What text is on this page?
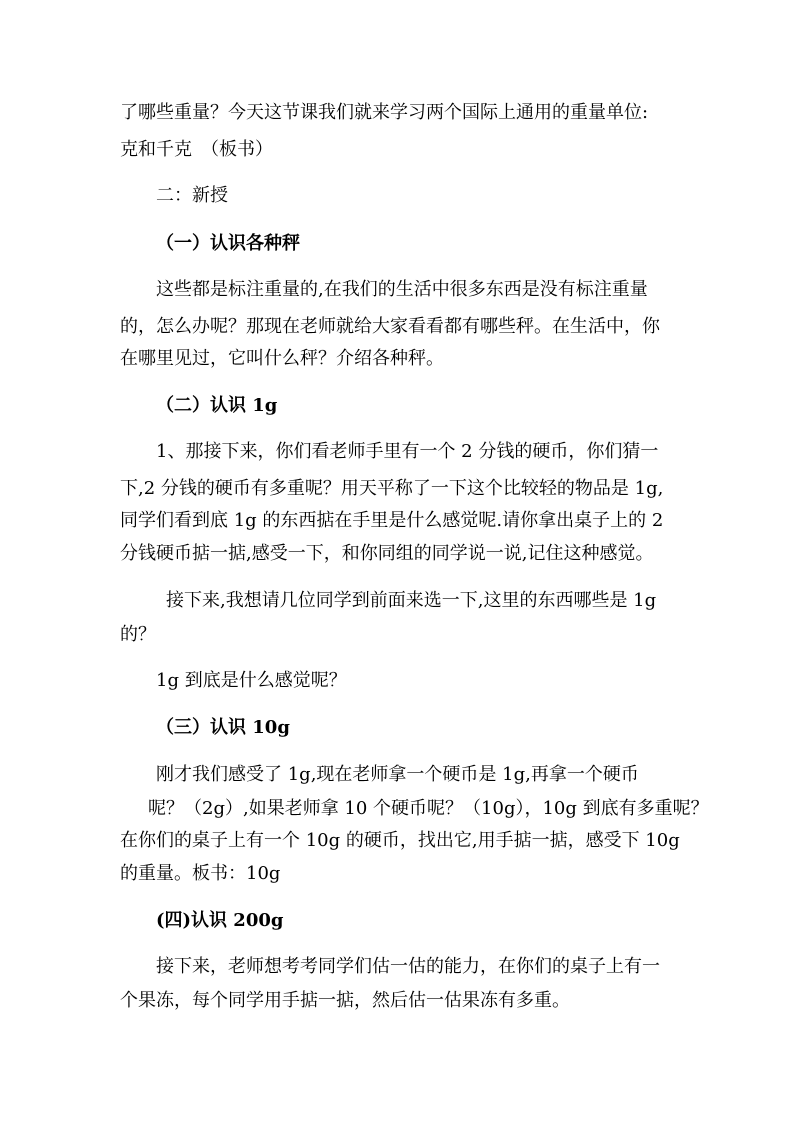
了哪些重量？今天这节课我们就来学习两个国际上通用的重量单位:
克和千克　（板书）
二：新授
（一）认识各种秤
这些都是标注重量的,在我们的生活中很多东西是没有标注重量
的，怎么办呢？那现在老师就给大家看看都有哪些秤。在生活中，你
在哪里见过，它叫什么秤？介绍各种秤。
（二）认识 1g
1、那接下来，你们看老师手里有一个 2 分钱的硬币，你们猜一
下,2 分钱的硬币有多重呢？用天平称了一下这个比较轻的物品是 1g,
同学们看到底 1g 的东西掂在手里是什么感觉呢.请你拿出桌子上的 2
分钱硬币掂一掂,感受一下，和你同组的同学说一说,记住这种感觉。
接下来,我想请几位同学到前面来选一下,这里的东西哪些是 1g
的？
1g 到底是什么感觉呢？
（三）认识 10g
刚才我们感受了 1g,现在老师拿一个硬币是 1g,再拿一个硬币
呢？（2g）,如果老师拿 10 个硬币呢？（10g），10g 到底有多重呢？
在你们的桌子上有一个 10g 的硬币，找出它,用手掂一掂，感受下 10g
的重量。板书：10g
(四)认识 200g
接下来，老师想考考同学们估一估的能力，在你们的桌子上有一
个果冻，每个同学用手掂一掂，然后估一估果冻有多重。
